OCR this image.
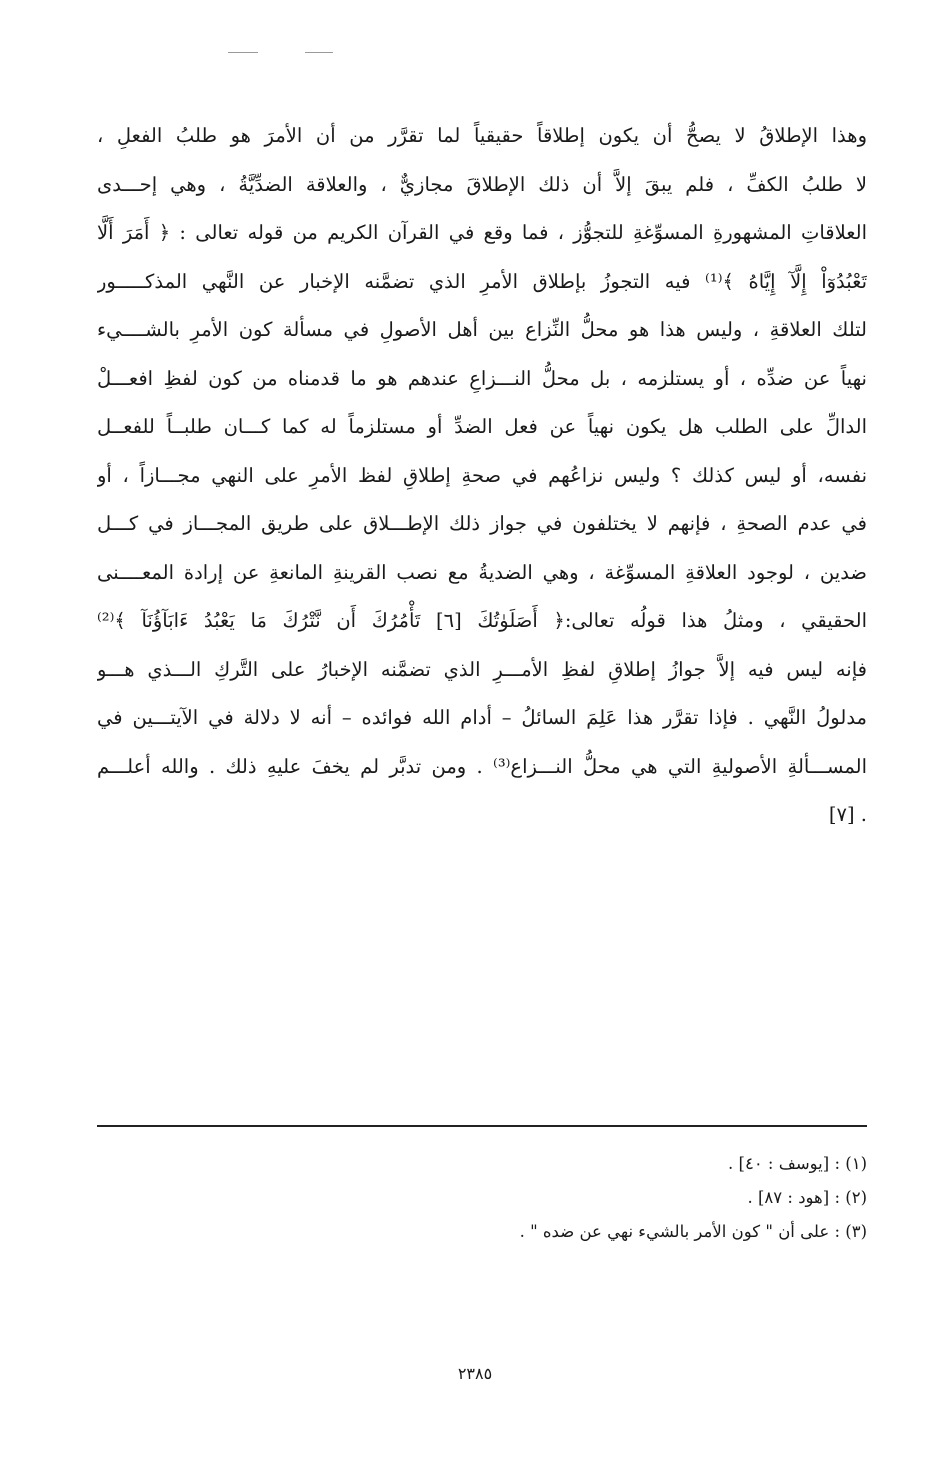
وهذا الإطلاقُ لا يصحُّ أن يكون إطلاقاً حقيقياً لما تقرَّر من أن الأمرَ هو طلبُ الفعلِ ،
لا طلبُ الكفِّ ، فلم يبقَ إلاَّ أن ذلك الإطلاقَ مجازيٌّ ، والعلاقة الضدِّيَّةُ ، وهي إحـــدى
العلاقاتِ المشهورةِ المسوِّغةِ للتجوُّز ، فما وقع في القرآن الكريم من قوله تعالى : ﴿ أَمَرَ أَلَّا
تَعْبُدُوٓاْ إِلَّآ إِيَّاهُ ﴾⁽¹⁾ فيه التجوزُ بإطلاق الأمرِ الذي تضمَّنه الإخبار عن النَّهي المذكـــــور
لتلك العلاقةِ ، وليس هذا هو محلُّ النِّزاع بين أهل الأصولِ في مسألة كون الأمرِ بالشــــيء
نهياً عن ضدِّه ، أو يستلزمه ، بل محلُّ النـــزاعِ عندهم هو ما قدمناه من كون لفظِ افعـــلْ
الدالِّ على الطلب هل يكون نهياً عن فعل الضدِّ أو مستلزماً له كما كـــان طلبــاً للفعــل
نفسه، أو ليس كذلك ؟ وليس نزاعُهم في صحةِ إطلاقِ لفظ الأمرِ على النهي مجـــازاً ، أو
في عدم الصحةِ ، فإنهم لا يختلفون في جواز ذلك الإطـــلاق على طريق المجـــاز في كـــل
ضدين ، لوجود العلاقةِ المسوِّغة ، وهي الضديةُ مع نصب القرينةِ المانعةِ عن إرادة المعــــنى
الحقيقي ، ومثلُ هذا قولُه تعالى:﴿ أَصَلَوٰتُكَ [٦] تَأْمُرُكَ أَن نَّتْرُكَ مَا يَعْبُدُ ءَابَآؤُنَآ ﴾⁽²⁾
فإنه ليس فيه إلاَّ جوازُ إطلاقِ لفظِ الأمـــرِ الذي تضمَّنه الإخبارُ على التَّركِ الـــذي هـــو
مدلولُ النَّهي . فإذا تقرَّر هذا عَلِمَ السائلُ – أدام الله فوائده – أنه لا دلالة في الآيتـــين في
المســـألةِ الأصوليةِ التي هي محلُّ النـــزاع⁽³⁾ . ومن تدبَّر لم يخفَ عليهِ ذلك . والله أعلـــم
. [٧]
(١) : [يوسف : ٤٠] .
(٢) : [هود : ٨٧] .
(٣) : على أن " كون الأمر بالشيء نهي عن ضده " .
٢٣٨٥
